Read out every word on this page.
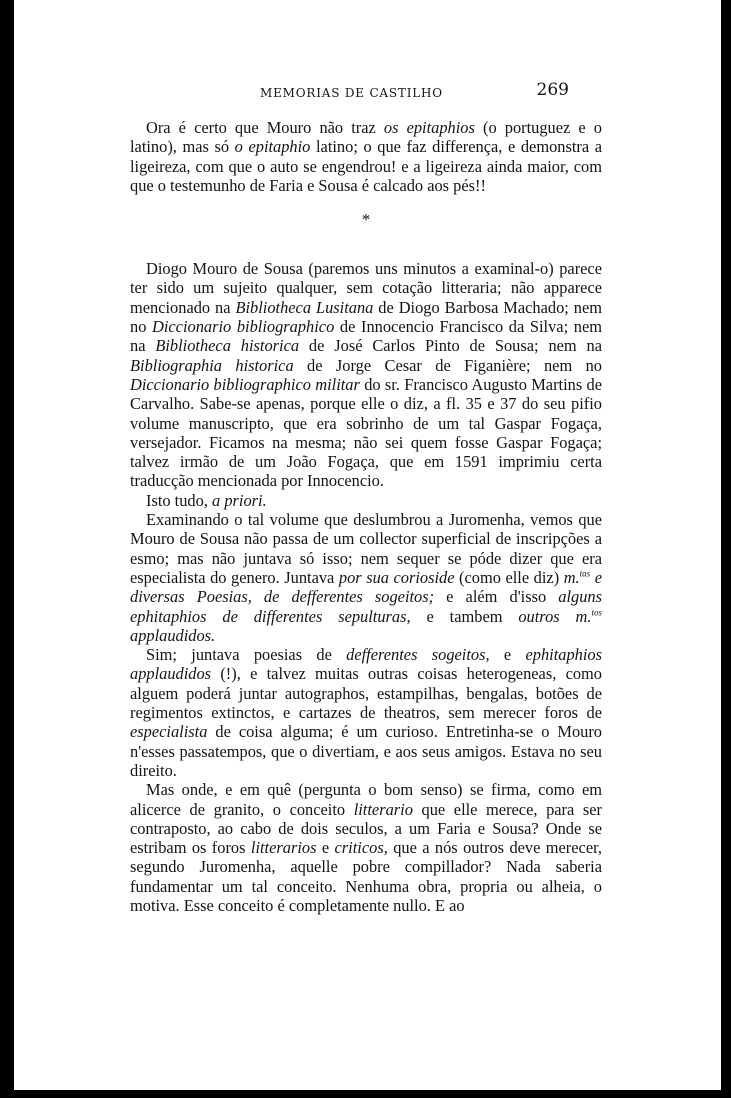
MEMORIAS DE CASTILHO	269

Ora é certo que Mouro não traz os epitaphios (o portuguez e o latino), mas só o epitaphio latino; o que faz differença, e demonstra a ligeireza, com que o auto se engendrou! e a ligeireza ainda maior, com que o testemunho de Faria e Sousa é calcado aos pés!!

*

Diogo Mouro de Sousa (paremos uns minutos a examinal-o) parece ter sido um sujeito qualquer, sem cotação litteraria; não apparece mencionado na Bibliotheca Lusitana de Diogo Barbosa Machado; nem no Diccionario bibliographico de Innocencio Francisco da Silva; nem na Bibliotheca historica de José Carlos Pinto de Sousa; nem na Bibliographia historica de Jorge Cesar de Figanière; nem no Diccionario bibliographico militar do sr. Francisco Augusto Martins de Carvalho. Sabe-se apenas, porque elle o diz, a fl. 35 e 37 do seu pifio volume manuscripto, que era sobrinho de um tal Gaspar Fogaça, versejador. Ficamos na mesma; não sei quem fosse Gaspar Fogaça; talvez irmão de um João Fogaça, que em 1591 imprimiu certa traducção mencionada por Innocencio.

Isto tudo, a priori.

Examinando o tal volume que deslumbrou a Juromenha, vemos que Mouro de Sousa não passa de um collector superficial de inscripções a esmo; mas não juntava só isso; nem sequer se póde dizer que era especialista do genero. Juntava por sua corioside (como elle diz) m.$^{tas}$ e diversas Poesias, de defferentes sogeitos; e além d'isso alguns ephitaphios de differentes sepulturas, e tambem outros m.$^{tos}$ applaudidos.

Sim; juntava poesias de defferentes sogeitos, e ephitaphios applaudidos (!), e talvez muitas outras coisas heterogeneas, como alguem poderá juntar autographos, estampilhas, bengalas, botões de regimentos extinctos, e cartazes de theatros, sem merecer foros de especialista de coisa alguma; é um curioso. Entretinha-se o Mouro n'esses passatempos, que o divertiam, e aos seus amigos. Estava no seu direito.

Mas onde, e em quê (pergunta o bom senso) se firma, como em alicerce de granito, o conceito litterario que elle merece, para ser contraposto, ao cabo de dois seculos, a um Faria e Sousa? Onde se estribam os foros litterarios e criticos, que a nós outros deve merecer, segundo Juromenha, aquelle pobre compillador? Nada saberia fundamentar um tal conceito. Nenhuma obra, propria ou alheia, o motiva. Esse conceito é completamente nullo. E ao
